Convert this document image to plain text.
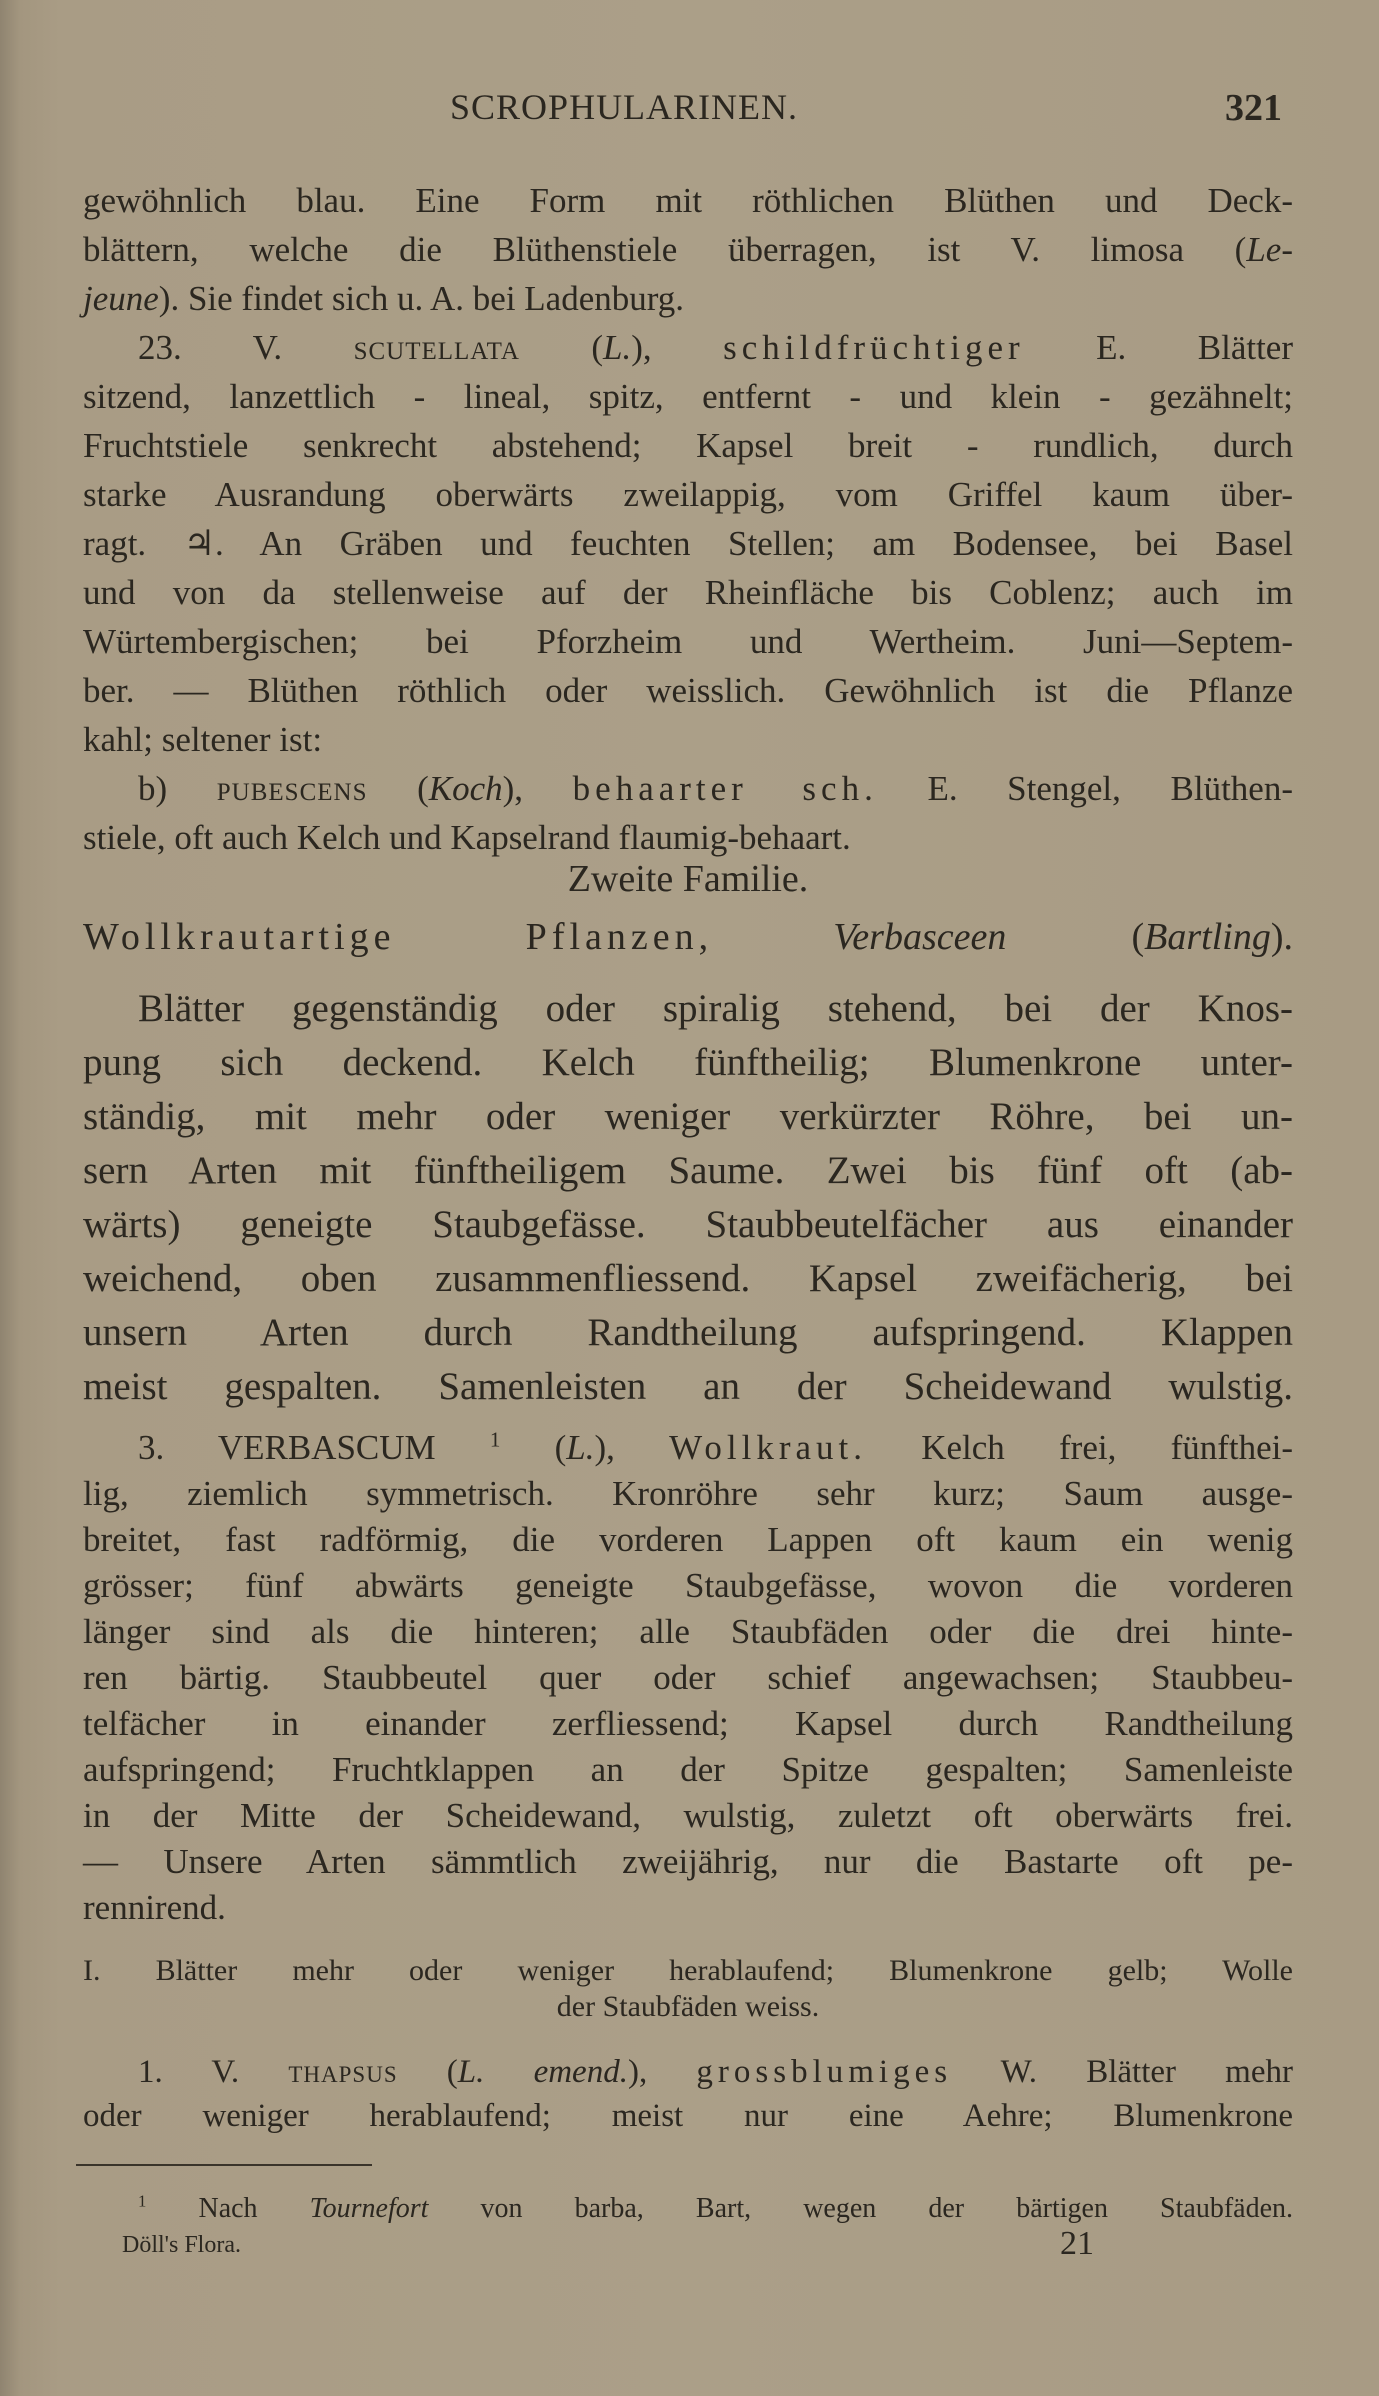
SCROPHULARINEN.	321
gewöhnlich blau. Eine Form mit röthlichen Blüthen und Deck-
blättern, welche die Blüthenstiele überragen, ist V. limosa (Le-
jeune). Sie findet sich u. A. bei Ladenburg.
23. V. scutellata (L.), schildfrüchtiger E. Blätter
sitzend, lanzettlich - lineal, spitz, entfernt - und klein - gezähnelt;
Fruchtstiele senkrecht abstehend; Kapsel breit - rundlich, durch
starke Ausrandung oberwärts zweilappig, vom Griffel kaum über-
ragt. ♃. An Gräben und feuchten Stellen; am Bodensee, bei Basel
und von da stellenweise auf der Rheinfläche bis Coblenz; auch im
Würtembergischen; bei Pforzheim und Wertheim. Juni—Septem-
ber. — Blüthen röthlich oder weisslich. Gewöhnlich ist die Pflanze
kahl; seltener ist:
b) pubescens (Koch), behaarter sch. E. Stengel, Blüthen-
stiele, oft auch Kelch und Kapselrand flaumig-behaart.
Zweite Familie.
Wollkrautartige Pflanzen, Verbasceen (Bartling).
Blätter gegenständig oder spiralig stehend, bei der Knos-
pung sich deckend. Kelch fünftheilig; Blumenkrone unter-
ständig, mit mehr oder weniger verkürzter Röhre, bei un-
sern Arten mit fünftheiligem Saume. Zwei bis fünf oft (ab-
wärts) geneigte Staubgefässe. Staubbeutelfächer aus einander
weichend, oben zusammenfliessend. Kapsel zweifächerig, bei
unsern Arten durch Randtheilung aufspringend. Klappen
meist gespalten. Samenleisten an der Scheidewand wulstig.
3. VERBASCUM $^1$ (L.), Wollkraut. Kelch frei, fünfthei-
lig, ziemlich symmetrisch. Kronröhre sehr kurz; Saum ausge-
breitet, fast radförmig, die vorderen Lappen oft kaum ein wenig
grösser; fünf abwärts geneigte Staubgefässe, wovon die vorderen
länger sind als die hinteren; alle Staubfäden oder die drei hinte-
ren bärtig. Staubbeutel quer oder schief angewachsen; Staubbeu-
telfächer in einander zerfliessend; Kapsel durch Randtheilung
aufspringend; Fruchtklappen an der Spitze gespalten; Samenleiste
in der Mitte der Scheidewand, wulstig, zuletzt oft oberwärts frei.
— Unsere Arten sämmtlich zweijährig, nur die Bastarte oft pe-
rennirend.
I. Blätter mehr oder weniger herablaufend; Blumenkrone gelb; Wolle
der Staubfäden weiss.
1. V. thapsus (L. emend.), grossblumiges W. Blätter mehr
oder weniger herablaufend; meist nur eine Aehre; Blumenkrone
$^1$ Nach Tournefort von barba, Bart, wegen der bärtigen Staubfäden.
Döll's Flora.	21
